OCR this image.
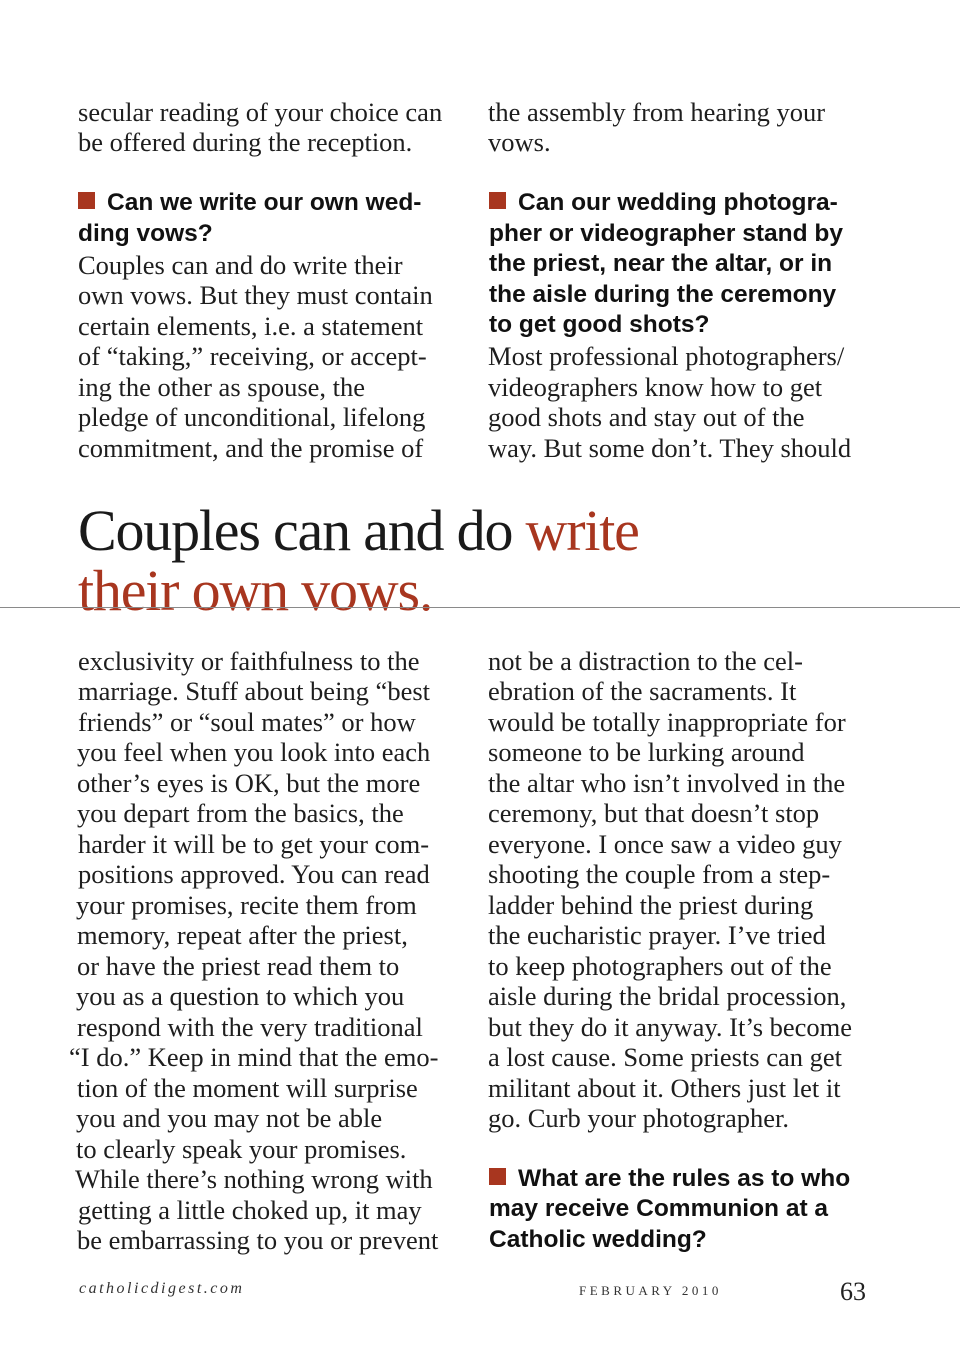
secular reading of your choice can

be offered during the reception.

Can we write our own wed-

ding vows?

Couples can and do write their

own vows. But they must contain

certain elements, i.e. a statement

of “taking,” receiving, or accept-

ing the other as spouse, the

pledge of unconditional, lifelong

commitment, and the promise of

the assembly from hearing your

vows.

Can our wedding photogra-

pher or videographer stand by

the priest, near the altar, or in

the aisle during the ceremony

to get good shots?

Most professional photographers/

videographers know how to get

good shots and stay out of the

way. But some don’t. They should

Couples can and do write

their own vows.

exclusivity or faithfulness to the

marriage. Stuff about being “best

friends” or “soul mates” or how

you feel when you look into each

other’s eyes is OK, but the more

you depart from the basics, the

harder it will be to get your com-

positions approved. You can read

your promises, recite them from

memory, repeat after the priest,

or have the priest read them to

you as a question to which you

respond with the very traditional

“I do.” Keep in mind that the emo-

tion of the moment will surprise

you and you may not be able

to clearly speak your promises.

While there’s nothing wrong with

getting a little choked up, it may

be embarrassing to you or prevent

not be a distraction to the cel-

ebration of the sacraments. It

would be totally inappropriate for

someone to be lurking around

the altar who isn’t involved in the

ceremony, but that doesn’t stop

everyone. I once saw a video guy

shooting the couple from a step-

ladder behind the priest during

the eucharistic prayer. I’ve tried

to keep photographers out of the

aisle during the bridal procession,

but they do it anyway. It’s become

a lost cause. Some priests can get

militant about it. Others just let it

go. Curb your photographer.

What are the rules as to who

may receive Communion at a

Catholic wedding?

catholicdigest.com	FEBRUARY 2010	63
